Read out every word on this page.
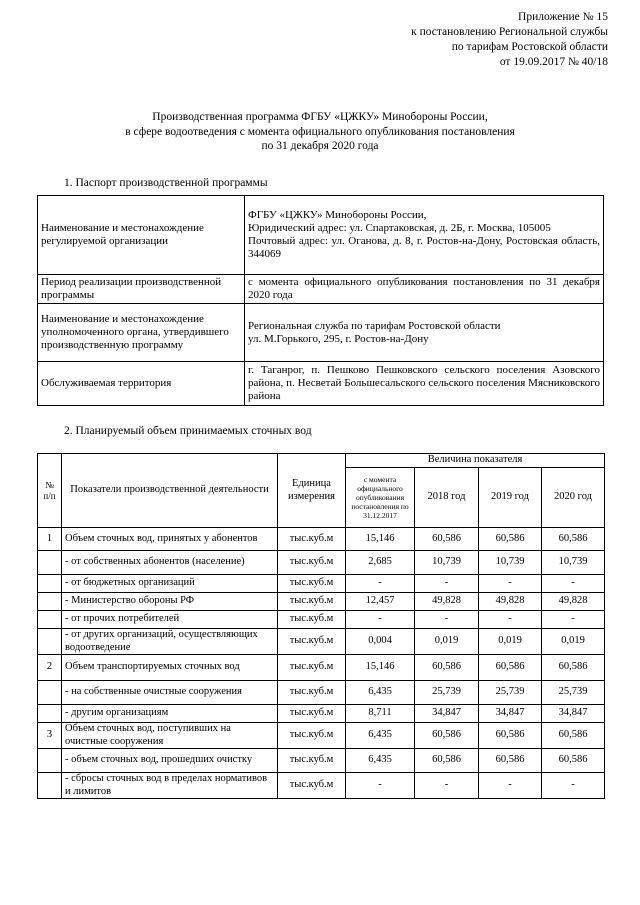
Приложение № 15
к постановлению Региональной службы
по тарифам Ростовской области
от 19.09.2017 № 40/18
Производственная программа ФГБУ «ЦЖКУ» Минобороны России,
в сфере водоотведения с момента официального опубликования постановления
по 31 декабря 2020 года
1. Паспорт производственной программы
Наименование и местонахождение регулируемой организации	ФГБУ «ЦЖКУ» Минобороны России,
Юридический адрес: ул. Спартаковская, д. 2Б, г. Москва, 105005
Почтовый адрес: ул. Оганова, д. 8, г. Ростов-на-Дону, Ростовская область, 344069

Период реализации производственной программы	с момента официального опубликования постановления по 31 декабря 2020 года

Наименование и местонахождение уполномоченного органа, утвердившего производственную программу	Региональная служба по тарифам Ростовской области
ул. М.Горького, 295, г. Ростов-на-Дону

Обслуживаемая территория	г. Таганрог, п. Пешково Пешковского сельского поселения Азовского района, п. Несветай Большесальского сельского поселения Мясниковского района
2. Планируемый объем принимаемых сточных вод
№ п/п	Показатели производственной деятельности	Единица измерения	Величина показателя			
			с момента официального опубликования постановления по 31.12.2017	2018 год	2019 год	2020 год
1	Объем сточных вод, принятых у абонентов	тыс.куб.м	15,146	60,586	60,586	60,586
	- от собственных абонентов (население)	тыс.куб.м	2,685	10,739	10,739	10,739
	- от бюджетных организаций	тыс.куб.м	-	-	-	-
	- Министерство обороны РФ	тыс.куб.м	12,457	49,828	49,828	49,828
	- от прочих потребителей	тыс.куб.м	-	-	-	-
	- от других организаций, осуществляющих водоотведение	тыс.куб.м	0,004	0,019	0,019	0,019
2	Объем транспортируемых сточных вод	тыс.куб.м	15,146	60,586	60,586	60,586
	- на собственные очистные сооружения	тыс.куб.м	6,435	25,739	25,739	25,739
	- другим организациям	тыс.куб.м	8,711	34,847	34,847	34,847
3	Объем сточных вод, поступивших на очистные сооружения	тыс.куб.м	6,435	60,586	60,586	60,586
	- объем сточных вод, прошедших очистку	тыс.куб.м	6,435	60,586	60,586	60,586
	- сбросы сточных вод в пределах нормативов и лимитов	тыс.куб.м	-	-	-	-
